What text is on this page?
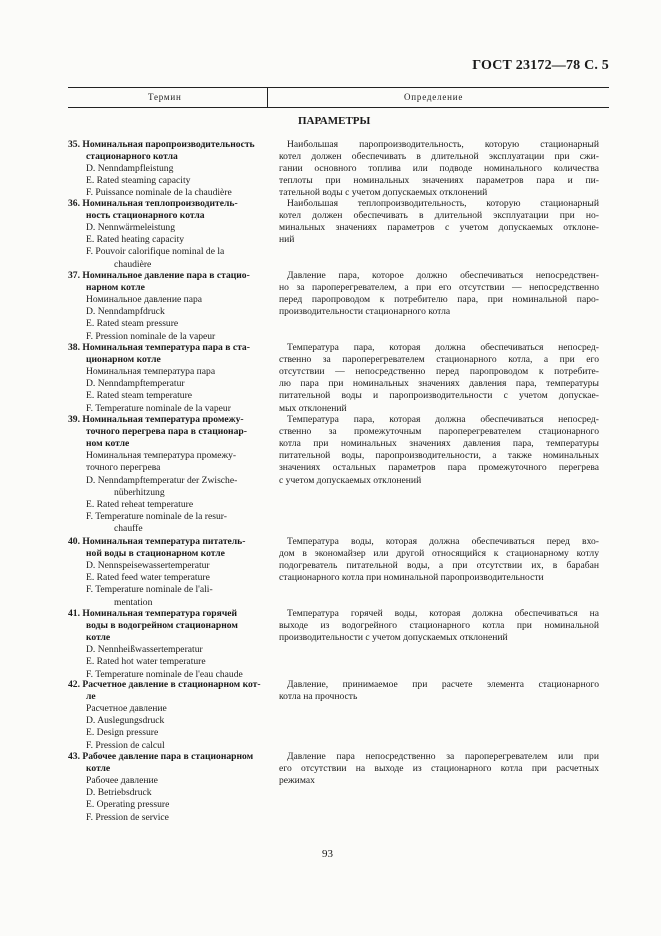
ГОСТ 23172—78 С. 5
Термин	Определение
ПАРАМЕТРЫ
35. Номинальная паропроизводительность
стационарного котла
D. Nenndampfleistung
E. Rated steaming capacity
F. Puissance nominale de la chaudière
36. Номинальная теплопроизводитель-
ность стационарного котла
D. Nennwärmeleistung
E. Rated heating capacity
F. Pouvoir calorifique nominal de la
chaudière
37. Номинальное давление пара в стацио-
нарном котле
Номинальное давление пара
D. Nenndampfdruck
E. Rated steam pressure
F. Pression nominale de la vapeur
38. Номинальная температура пара в ста-
ционарном котле
Номинальная температура пара
D. Nenndampftemperatur
E. Rated steam temperature
F. Temperature nominale de la vapeur
39. Номинальная температура промежу-
точного перегрева пара в стационар-
ном котле
Номинальная температура промежу-
точного перегрева
D. Nenndampftemperatur der Zwische-
nüberhitzung
E. Rated reheat temperature
F. Temperature nominale de la resur-
chauffe
40. Номинальная температура питатель-
ной воды в стационарном котле
D. Nennspeisewassertemperatur
E. Rated feed water temperature
F. Temperature nominale de l'ali-
mentation
41. Номинальная температура горячей
воды в водогрейном стационарном
котле
D. Nennheißwassertemperatur
E. Rated hot water temperature
F. Temperature nominale de l'eau chaude
42. Расчетное давление в стационарном кот-
ле
Расчетное давление
D. Auslegungsdruck
E. Design pressure
F. Pression de calcul
43. Рабочее давление пара в стационарном
котле
Рабочее давление
D. Betriebsdruck
E. Operating pressure
F. Pression de service
Наибольшая паропроизводительность, которую стационарный
котел должен обеспечивать в длительной эксплуатации при сжи-
гании основного топлива или подводе номинального количества
теплоты при номинальных значениях параметров пара и пи-
тательной воды с учетом допускаемых отклонений
Наибольшая теплопроизводительность, которую стационарный
котел должен обеспечивать в длительной эксплуатации при но-
минальных значениях параметров с учетом допускаемых отклоне-
ний
Давление пара, которое должно обеспечиваться непосредствен-
но за пароперегревателем, а при его отсутствии — непосредственно
перед паропроводом к потребителю пара, при номинальной паро-
производительности стационарного котла
Температура пара, которая должна обеспечиваться непосред-
ственно за пароперегревателем стационарного котла, а при его
отсутствии — непосредственно перед паропроводом к потребите-
лю пара при номинальных значениях давления пара, температуры
питательной воды и паропроизводительности с учетом допускае-
мых отклонений
Температура пара, которая должна обеспечиваться непосред-
ственно за промежуточным пароперегревателем стационарного
котла при номинальных значениях давления пара, температуры
питательной воды, паропроизводительности, а также номинальных
значениях остальных параметров пара промежуточного перегрева
с учетом допускаемых отклонений
Температура воды, которая должна обеспечиваться перед вхо-
дом в экономайзер или другой относящийся к стационарному котлу
подогреватель питательной воды, а при отсутствии их, в барабан
стационарного котла при номинальной паропроизводительности
Температура горячей воды, которая должна обеспечиваться на
выходе из водогрейного стационарного котла при номинальной
производительности с учетом допускаемых отклонений
Давление, принимаемое при расчете элемента стационарного
котла на прочность
Давление пара непосредственно за пароперегревателем или при
его отсутствии на выходе из стационарного котла при расчетных
режимах
93
